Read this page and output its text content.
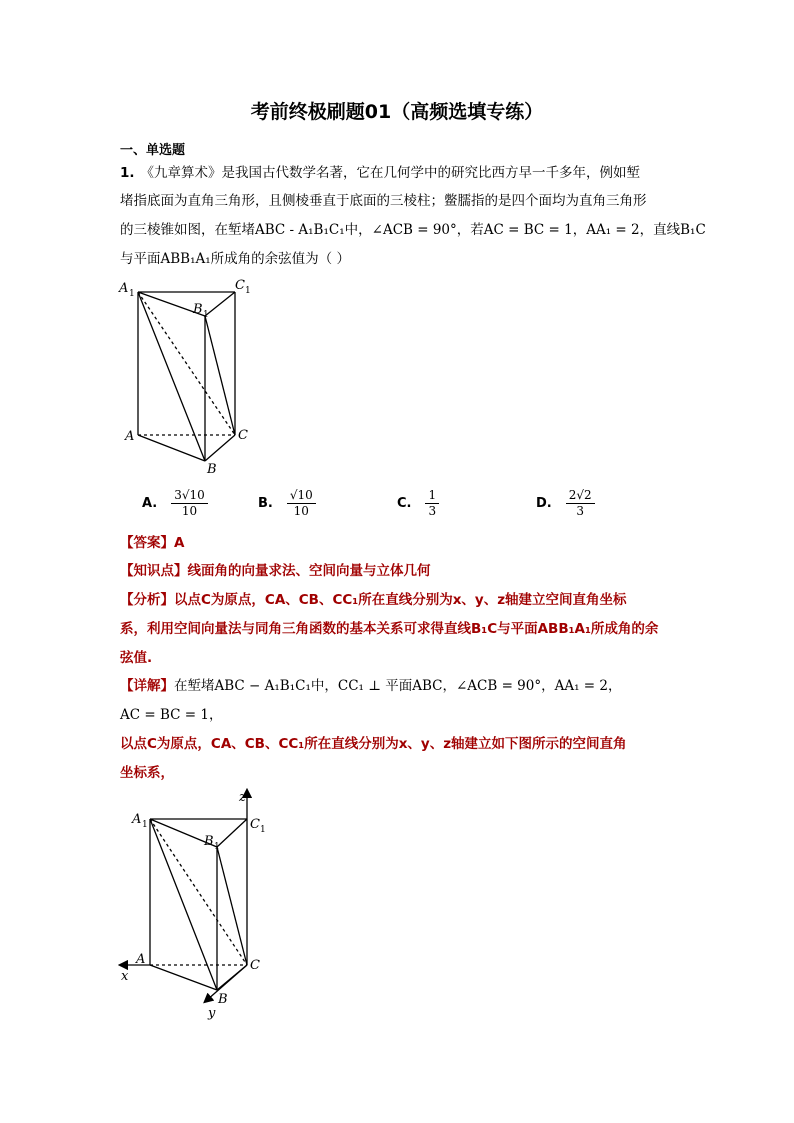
考前终极刷题01（高频选填专练）
一、单选题
1. 《九章算术》是我国古代数学名著，它在几何学中的研究比西方早一千多年，例如堑
堵指底面为直角三角形，且侧棱垂直于底面的三棱柱；鳖臑指的是四个面均为直角三角形
的三棱锥如图，在堑堵ABC - A₁B₁C₁中，∠ACB = 90°，若AC = BC = 1，AA₁ = 2，直线B₁C
与平面ABB₁A₁所成角的余弦值为（ ）
A 1
C 1
B 1
A	C
B
A. $\frac{3√10}{10}$	B. $\frac{√10}{10}$	C. $\frac{1}{3}$	D. $\frac{2√2}{3}$
【答案】A
【知识点】线面角的向量求法、空间向量与立体几何
【分析】以点C为原点，CA、CB、CC₁所在直线分别为x、y、z轴建立空间直角坐标
系，利用空间向量法与同角三角函数的基本关系可求得直线B₁C与平面ABB₁A₁所成角的余
弦值.
【详解】在堑堵ABC − A₁B₁C₁中，CC₁ ⊥ 平面ABC，∠ACB = 90°，AA₁ = 2，
AC = BC = 1，
以点C为原点，CA、CB、CC₁所在直线分别为x、y、z轴建立如下图所示的空间直角
坐标系，
z
x
y
A 1	C 1
B 1
A	C
B
